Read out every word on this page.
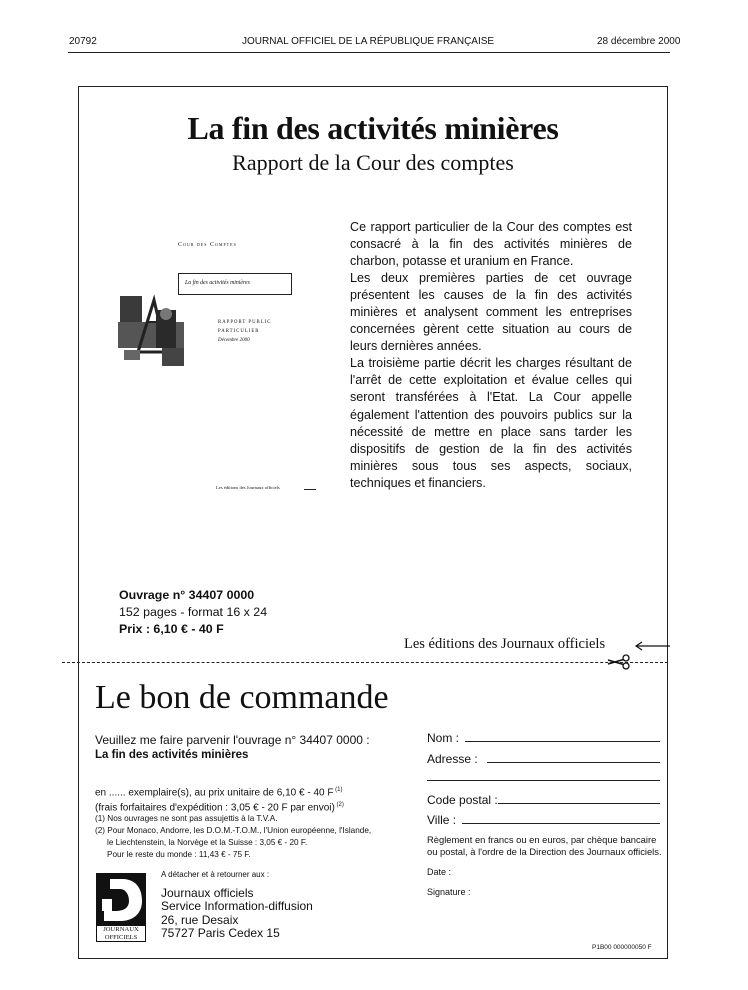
20792	JOURNAL OFFICIEL DE LA RÉPUBLIQUE FRANÇAISE	28 décembre 2000
La fin des activités minières
Rapport de la Cour des comptes
Cour des Comptes
La fin des activités minières
RAPPORT PUBLIC
PARTICULIER
Décembre 2000
Les éditions des Journaux officiels

Ce rapport particulier de la Cour des comptes est consacré à la fin des activités minières de charbon, potasse et uranium en France.

Les deux premières parties de cet ouvrage présentent les causes de la fin des activités minières et analysent comment les entreprises concernées gèrent cette situation au cours de leurs dernières années.

La troisième partie décrit les charges résultant de l'arrêt de cette exploitation et évalue celles qui seront transférées à l'Etat. La Cour appelle également l'attention des pouvoirs publics sur la nécessité de mettre en place sans tarder les dispositifs de gestion de la fin des activités minières sous tous ses aspects, sociaux, techniques et financiers.

Ouvrage n° 34407 0000
152 pages - format 16 x 24
Prix : 6,10 € - 40 F
Les éditions des Journaux officiels
Le bon de commande
Veuillez me faire parvenir l'ouvrage n° 34407 0000 :
La fin des activités minières
en ...... exemplaire(s), au prix unitaire de 6,10 € - 40 F $^{(1)}$
(frais forfaitaires d'expédition : 3,05 € - 20 F par envoi) $^{(2)}$
(1) Nos ouvrages ne sont pas assujettis à la T.V.A.
(2) Pour Monaco, Andorre, les D.O.M.-T.O.M., l'Union européenne, l'Islande,
le Liechtenstein, la Norvège et la Suisse : 3,05 € - 20 F.
Pour le reste du monde : 11,43 € - 75 F.
JOURNAUX
OFFICIELS
A détacher et à retourner aux :
Journaux officiels
Service Information-diffusion
26, rue Desaix
75727 Paris Cedex 15
Nom :
Adresse :
Code postal :
Ville :
Règlement en francs ou en euros, par chèque bancaire
ou postal, à l'ordre de la Direction des Journaux officiels.
Date :
Signature :
P1B00 000000050 F
